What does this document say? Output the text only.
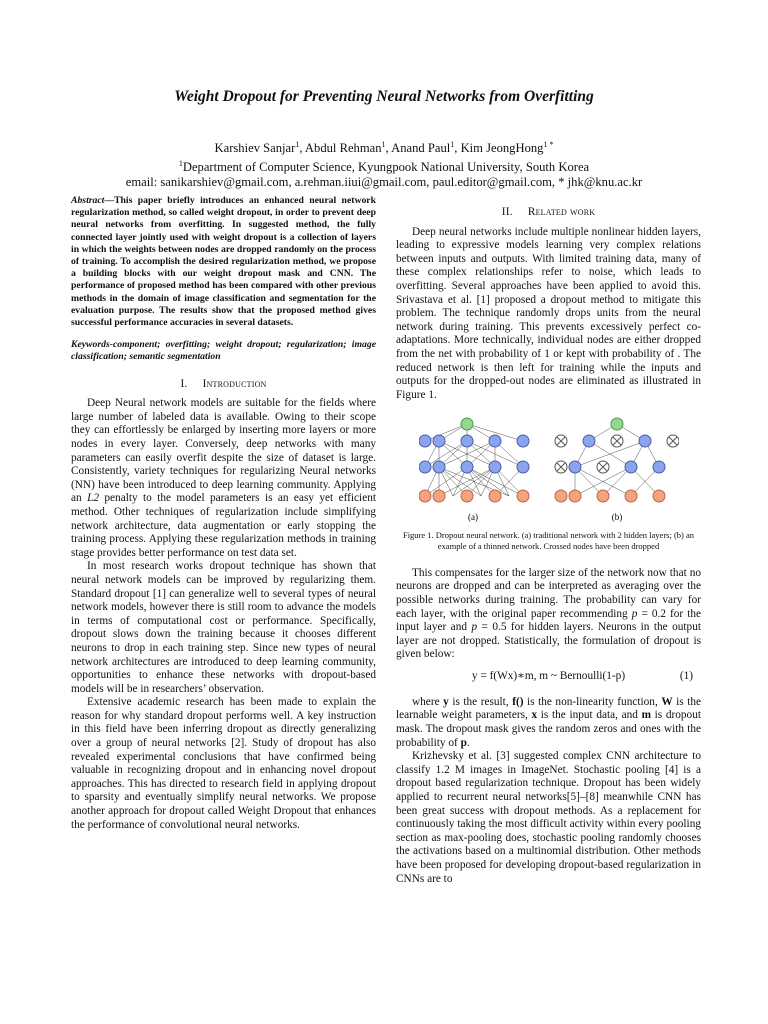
Weight Dropout for Preventing Neural Networks from Overfitting
Karshiev Sanjar$^1$, Abdul Rehman$^1$, Anand Paul$^1$, Kim JeongHong$^{1 *}$
$^1$Department of Computer Science, Kyungpook National University, South Korea
email: sanikarshiev@gmail.com, a.rehman.iiui@gmail.com, paul.editor@gmail.com, * jhk@knu.ac.kr

Abstract—This paper briefly introduces an enhanced neural network regularization method, so called weight dropout, in order to prevent deep neural networks from overfitting. In suggested method, the fully connected layer jointly used with weight dropout is a collection of layers in which the weights between nodes are dropped randomly on the process of training. To accomplish the desired regularization method, we propose a building blocks with our weight dropout mask and CNN. The performance of proposed method has been compared with other previous methods in the domain of image classification and segmentation for the evaluation purpose. The results show that the proposed method gives successful performance accuracies in several datasets.

Keywords-component; overfitting; weight dropout; regularization; image classification; semantic segmentation

I. Introduction

Deep Neural network models are suitable for the fields where large number of labeled data is available. Owing to their scope they can effortlessly be enlarged by inserting more layers or more nodes in every layer. Conversely, deep networks with many parameters can easily overfit despite the size of dataset is large. Consistently, variety techniques for regularizing Neural networks (NN) have been introduced to deep learning community. Applying an L2 penalty to the model parameters is an easy yet efficient method. Other techniques of regularization include simplifying network architecture, data augmentation or early stopping the training process. Applying these regularization methods in training stage provides better performance on test data set.

In most research works dropout technique has shown that neural network models can be improved by regularizing them. Standard dropout [1] can generalize well to several types of neural network models, however there is still room to advance the models in terms of computational cost or performance. Specifically, dropout slows down the training because it chooses different neurons to drop in each training step. Since new types of neural network architectures are introduced to deep learning community, opportunities to enhance these networks with dropout-based models will be in researchers’ observation.

Extensive academic research has been made to explain the reason for why standard dropout performs well. A key instruction in this field have been inferring dropout as directly generalizing over a group of neural networks [2]. Study of dropout has also revealed experimental conclusions that have confirmed being valuable in recognizing dropout and in enhancing novel dropout approaches. This has directed to research field in applying dropout to sparsity and eventually simplify neural networks. We propose another approach for dropout called Weight Dropout that enhances the performance of convolutional neural networks.

II. Related work

Deep neural networks include multiple nonlinear hidden layers, leading to expressive models learning very complex relations between inputs and outputs. With limited training data, many of these complex relationships refer to noise, which leads to overfitting. Several approaches have been applied to avoid this. Srivastava et al. [1] proposed a dropout method to mitigate this problem. The technique randomly drops units from the neural network during training. This prevents excessively perfect co-adaptations. More technically, individual nodes are either dropped from the net with probability of 1 or kept with probability of . The reduced network is then left for training while the inputs and outputs for the dropped-out nodes are eliminated as illustrated in Figure 1.

(a)	(b)
Figure 1. Dropout neural network. (a) traditional network with 2 hidden layers; (b) an example of a thinned network. Crossed nodes have been dropped

This compensates for the larger size of the network now that no neurons are dropped and can be interpreted as averaging over the possible networks during training. The probability can vary for each layer, with the original paper recommending p = 0.2 for the input layer and p = 0.5 for hidden layers. Neurons in the output layer are not dropped. Statistically, the formulation of dropout is given below:

y = f(Wx)∗m, m ~ Bernoulli(1-p)	(1)

where y is the result, f() is the non-linearity function, W is the learnable weight parameters, x is the input data, and m is dropout mask. The dropout mask gives the random zeros and ones with the probability of p.

Krizhevsky et al. [3] suggested complex CNN architecture to classify 1.2 M images in ImageNet. Stochastic pooling [4] is a dropout based regularization technique. Dropout has been widely applied to recurrent neural networks[5]–[8] meanwhile CNN has been great success with dropout methods. As a replacement for continuously taking the most difficult activity within every pooling section as max-pooling does, stochastic pooling randomly chooses the activations based on a multinomial distribution. Other methods have been proposed for developing dropout-based regularization in CNNs are to
